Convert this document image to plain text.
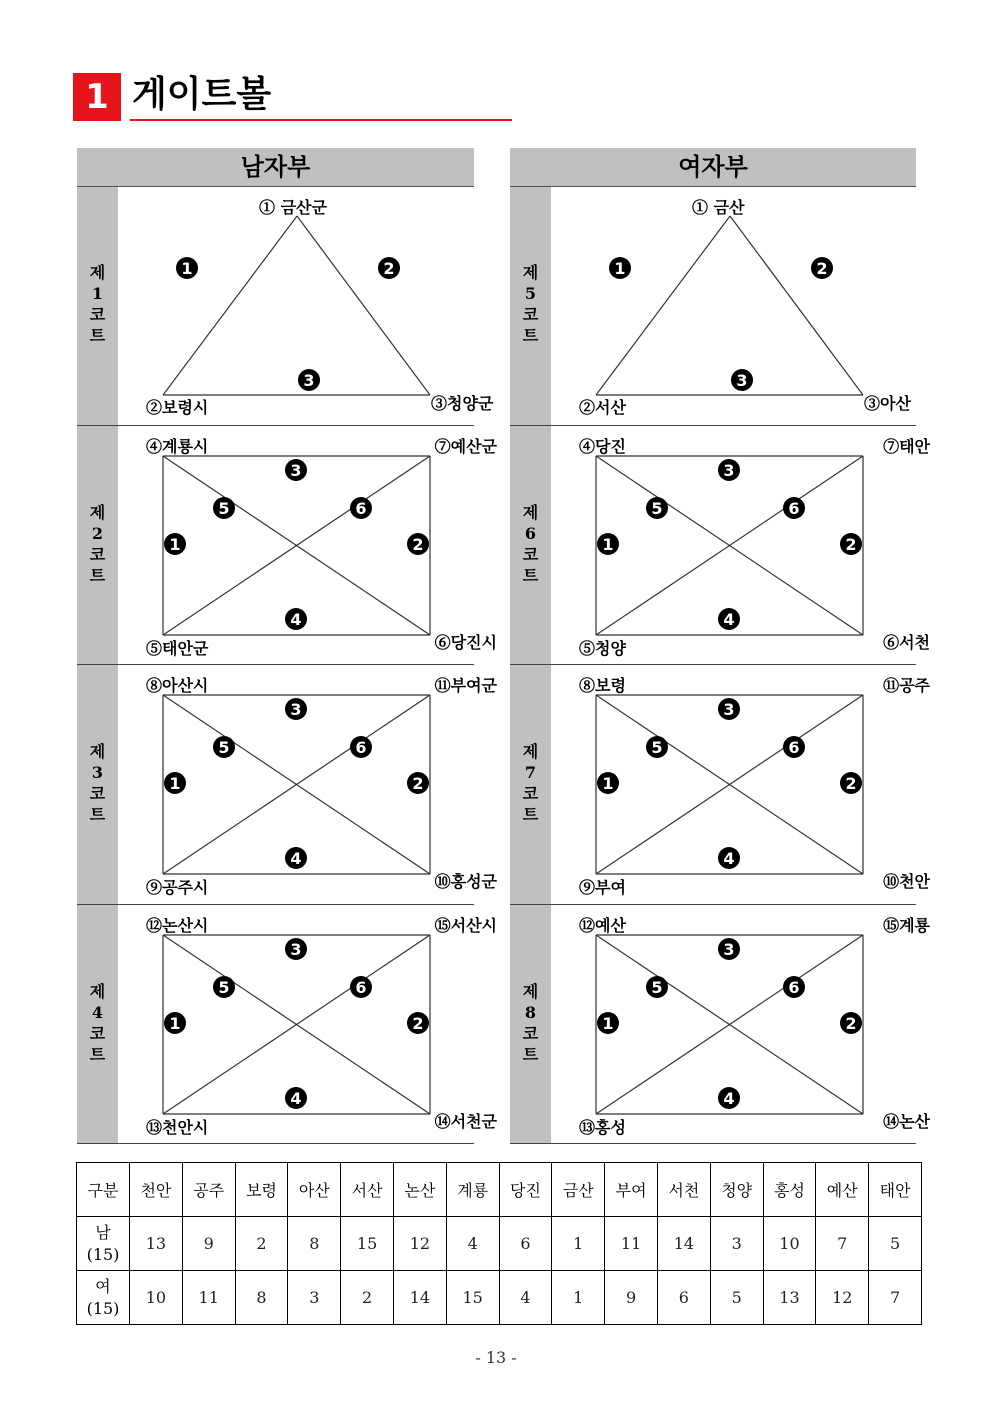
1 게이트볼
남자부	여자부
제
1
코
트
제
2
코
트
제
3
코
트
제
4
코
트
제
5
코
트
제
6
코
트
제
7
코
트
제
8
코
트
① 금산군
②보령시	③청양군
1	2
3
④계룡시	⑦예산군
⑤태안군	⑥당진시
1	2
3
4
5	6
⑧아산시	⑪부여군
⑨공주시	⑩홍성군
1	2
3
4
5	6
⑫논산시	⑮서산시
⑬천안시	⑭서천군
1	2
3
4
5	6
① 금산
②서산	③아산
1	2
3
④당진	⑦태안
⑤청양	⑥서천
1	2
3
4
5	6
⑧보령	⑪공주
⑨부여	⑩천안
1	2
3
4
5	6
⑫예산	⑮계룡
⑬홍성	⑭논산
1	2
3
4
5	6
구분	천안	공주	보령	아산	서산	논산	계룡	당진	금산	부여	서천	청양	홍성	예산	태안

남
(15)	13	9	2	8	15	12	4	6	1	11	14	3	10	7	5

여
(15)	10	11	8	3	2	14	15	4	1	9	6	5	13	12	7
- 13 -
